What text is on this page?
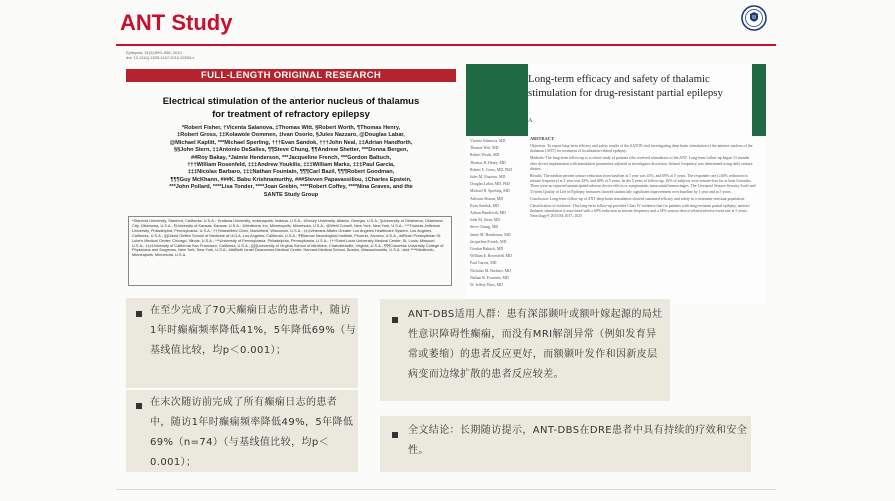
ANT Study
Epilepsia, 51(5):899–908, 2010
doi: 10.1111/j.1528-1167.2010.02536.x
FULL-LENGTH ORIGINAL RESEARCH
Electrical stimulation of the anterior nucleus of thalamus
for treatment of refractory epilepsy
*Robert Fisher, †Vicenta Salanova, ‡Thomas Witt, §Robert Worth, ¶Thomas Henry,
‡Robert Gross, ‡‡Kolawole Oommen, ‡Ivan Osorio, §Jules Nazzaro, @Douglas Labar,
@Michael Kaplitt, ***Michael Sperling, †††Evan Sandok, †††John Neal, ‡‡Adrian Handforth,
§§John Stern, ‡‡Antonio DeSalles, ¶¶Steve Chung, ¶¶Andrew Shetter, ***Donna Bergen,
##Roy Bakay, *Jaimie Henderson, ***Jacqueline French, ***Gordon Baltuch,
†††William Rosenfeld, ‡‡‡Andrew Youkilis, ‡‡‡William Marks, ‡‡‡Paul Garcia,
‡‡‡Nicolas Barbaro, ‡‡‡Nathan Fountain, ¶¶¶Carl Bazil, ¶¶¶Robert Goodman,
¶¶¶Guy McKhann, ###K. Babu Krishnamurthy, ###Steven Papavassiliou, ‡Charles Epstein,
***John Pollard, ****Lisa Tonder, ****Joan Grebin, ****Robert Coffey, ****Nina Graves, and the
SANTE Study Group
*Stanford University, Stanford, California, U.S.A.; †Indiana University, Indianapolis, Indiana, U.S.A.; ‡Emory University, Atlanta, Georgia, U.S.A.; §University of Oklahoma, Oklahoma City, Oklahoma, U.S.A.; ¶University of Kansas, Kansas, U.S.A.; ‡Medtronic Inc, Minneapolis, Minnesota, U.S.A.; @Weill Cornell, New York, New York, U.S.A.; ***Thomas Jefferson University, Philadelphia, Pennsylvania, U.S.A.; †††Marshfield Clinic, Marshfield, Wisconsin, U.S.A.; ‡‡‡Veterans Affairs Greater Los Angeles Healthcare System, Los Angeles, California, U.S.A.; §§David Geffen School of Medicine at UCLA, Los Angeles, California, U.S.A.; ¶¶Barrow Neurological Institute, Phoenix, Arizona, U.S.A.; ##Rush Presbyterian St. Luke's Medical Center, Chicago, Illinois, U.S.A.; ***University of Pennsylvania, Philadelphia, Pennsylvania, U.S.A.; †††Saint Louis University Medical Center, St. Louis, Missouri, U.S.A.; ‡‡‡University of California San Francisco, California, U.S.A.; §§§University of Virginia School of Medicine, Charlottesville, Virginia, U.S.A.; ¶¶¶Columbia University College of Physicians and Surgeons, New York, New York, U.S.A.; ###Beth Israel Deaconess Medical Center, Harvard Medical School, Boston, Massachusetts, U.S.A.; and ****Medtronic, Minneapolis, Minnesota, U.S.A.
Long-term efficacy and safety of thalamic stimulation for drug-resistant partial epilepsy
A
Vicenta Salanova, MD
Thomas Witt, MD
Robert Worth, MD
Thomas R. Henry, MD
Robert E. Gross, MD, PhD
Jules M. Nazzaro, MD
Douglas Labar, MD, PhD
Michael R. Sperling, MD
Ashwini Sharan, MD
Evan Sandok, MD
Adrian Handforth, MD
John M. Stern, MD
Steve Chung, MD
Jaime M. Henderson, MD
Jacqueline French, MD
Gordon Baltuch, MD
William E. Rosenfeld, MD
Paul Garcia, MD
Nicholas M. Barbaro, MD
Nathan B. Fountain, MD
W. Jeffrey Elias, MD
ABSTRACT

Objective: To report long-term efficacy and safety results of the SANTE trial investigating deep brain stimulation of the anterior nucleus of the thalamus (ANT) for treatment of localization-related epilepsy.

Methods: The long-term follow-up is a cohort study of patients who received stimulation of the ANT. Long-term follow-up began 13 months after device implantation with stimulation parameters adjusted at investigator discretion. Seizure frequency was determined using daily seizure diaries.

Results: The median percent seizure reduction from baseline at 1 year was 41%, and 69% at 5 years. The responder rate (≥50% reduction in seizure frequency) at 1 year was 43%, and 68% at 5 years. In the 5 years of follow-up, 16% of subjects were seizure-free for at least 6 months. There were no reported unanticipated adverse device effects or symptomatic intracranial hemorrhages. The Liverpool Seizure Severity Scale and 31-item Quality of Life in Epilepsy measures showed statistically significant improvement over baseline by 1 year and at 5 years.

Conclusion: Long-term follow-up of ANT deep brain stimulation showed sustained efficacy and safety in a treatment-resistant population.

Classification of evidence: This long-term follow-up provides Class IV evidence that for patients with drug-resistant partial epilepsy, anterior thalamic stimulation is associated with a 69% reduction in seizure frequency and a 34% serious device-related adverse event rate at 5 years. Neurology® 2015;84:1017–1025

在至少完成了70天癫痫日志的患者中，随访1年时癫痫频率降低41%，5年降低69%（与基线值比较，均p＜0.001）；
在末次随访前完成了所有癫痫日志的患者中，随访1年时癫痫频率降低49%，5年降低69%（n=74）（与基线值比较，均p＜0.001）；
ANT-DBS适用人群：患有深部颞叶或额叶嫁起源的局灶性意识障碍性癫痫，而没有MRI解剖异常（例如发育异常或萎缩）的患者反应更好，而额颞叶发作和因新皮层病变而边缘扩散的患者反应较差。
全文结论：长期随访提示，ANT-DBS在DRE患者中具有持续的疗效和安全性。
